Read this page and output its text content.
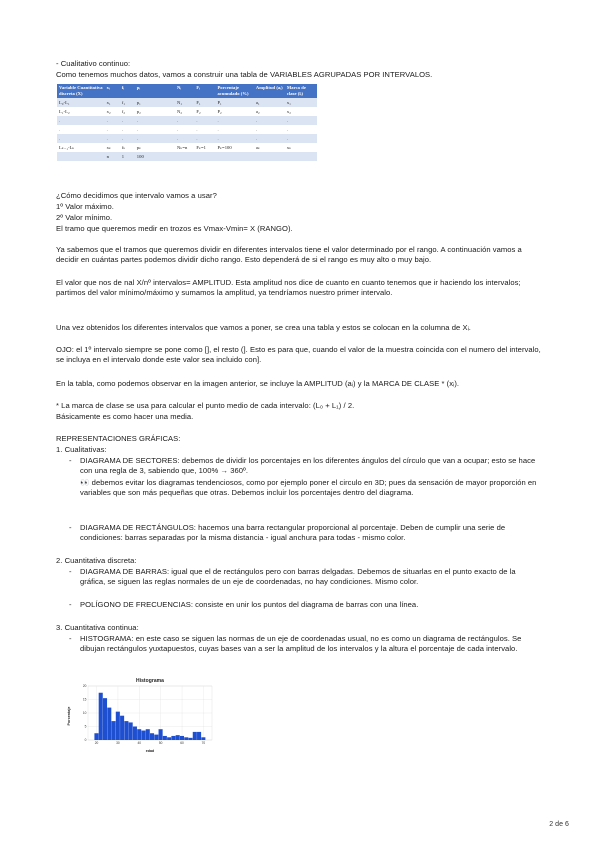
- Cualitativo continuo:
Como tenemos muchos datos, vamos a construir una tabla de VARIABLES AGRUPADAS POR INTERVALOS.
Variable Cuantitativa discreta (X)	xᵢ	fᵢ	pᵢ	Nᵢ	Fᵢ	Porcentaje acumulado (%)	Amplitud (aᵢ)	Marca de clase (lᵢ)
L₀-L₁	x₁	f₁	p₁	N₁	F₁	P₁	a₁	x₁
L₁-L₂	x₂	f₂	p₂	N₂	F₂	P₂	a₂	x₂
.	.	.	.	.	.	.	.	.
.	.	.	.	.	.	.	.	.
.	.	.	.	.	.	.	.	.
Lₖ₋₁-Lₖ	xₖ	fₖ	pₖ	Nₖ=n	Fₖ=1	Pₖ=100	aₖ	xₖ
	n	1	100					
¿Cómo decidimos que intervalo vamos a usar?
1º Valor máximo.
2º Valor mínimo.
El tramo que queremos medir en trozos es Vmax-Vmin= X (RANGO).
Ya sabemos que el tramos que queremos dividir en diferentes intervalos tiene el valor determinado por el rango. A continuación vamos a decidir en cuántas partes podemos dividir dicho rango. Esto dependerá de si el rango es muy alto o muy bajo.
El valor que nos de nal X/nº intervalos= AMPLITUD. Esta amplitud nos dice de cuanto en cuanto tenemos que ir haciendo los intervalos; partimos del valor mínimo/máximo y sumamos la amplitud, ya tendríamos nuestro primer intervalo.
Una vez obtenidos los diferentes intervalos que vamos a poner, se crea una tabla y estos se colocan en la columna de Xᵢ.
OJO: el 1º intervalo siempre se pone como [], el resto (]. Esto es para que, cuando el valor de la muestra coincida con el numero del intervalo, se incluya en el intervalo donde este valor sea incluido con].
En la tabla, como podemos observar en la imagen anterior, se incluye la AMPLITUD (aᵢ) y la MARCA DE CLASE * (xᵢ).
* La marca de clase se usa para calcular el punto medio de cada intervalo: (L₀ + L₁) / 2.
Básicamente es como hacer una media.
REPRESENTACIONES GRÁFICAS:
1. Cualitativas:
- DIAGRAMA DE SECTORES: debemos de dividir los porcentajes en los diferentes ángulos del círculo que van a ocupar; esto se hace con una regla de 3, sabiendo que, 100% → 360º.
👀 debemos evitar los diagramas tendenciosos, como por ejemplo poner el circulo en 3D; pues da sensación de mayor proporción en variables que son más pequeñas que otras. Debemos incluir los porcentajes dentro del diagrama.
- DIAGRAMA DE RECTÁNGULOS: hacemos una barra rectangular proporcional al porcentaje. Deben de cumplir una serie de condiciones: barras separadas por la misma distancia - igual anchura para todas - mismo color.
2. Cuantitativa discreta:
- DIAGRAMA DE BARRAS: igual que el de rectángulos pero con barras delgadas. Debemos de situarlas en el punto exacto de la gráfica, se siguen las reglas normales de un eje de coordenadas, no hay condiciones. Mismo color.
- POLÍGONO DE FRECUENCIAS: consiste en unir los puntos del diagrama de barras con una línea.
3. Cuantitativa continua:
- HISTOGRAMA: en este caso se siguen las normas de un eje de coordenadas usual, no es como un diagrama de rectángulos. Se dibujan rectángulos yuxtapuestos, cuyas bases van a ser la amplitud de los intervalos y la altura el porcentaje de cada intervalo.
Histograma
edad
Porcentaje
20	30	40	50	60	70
0
5
10
15
20
2 de 6
